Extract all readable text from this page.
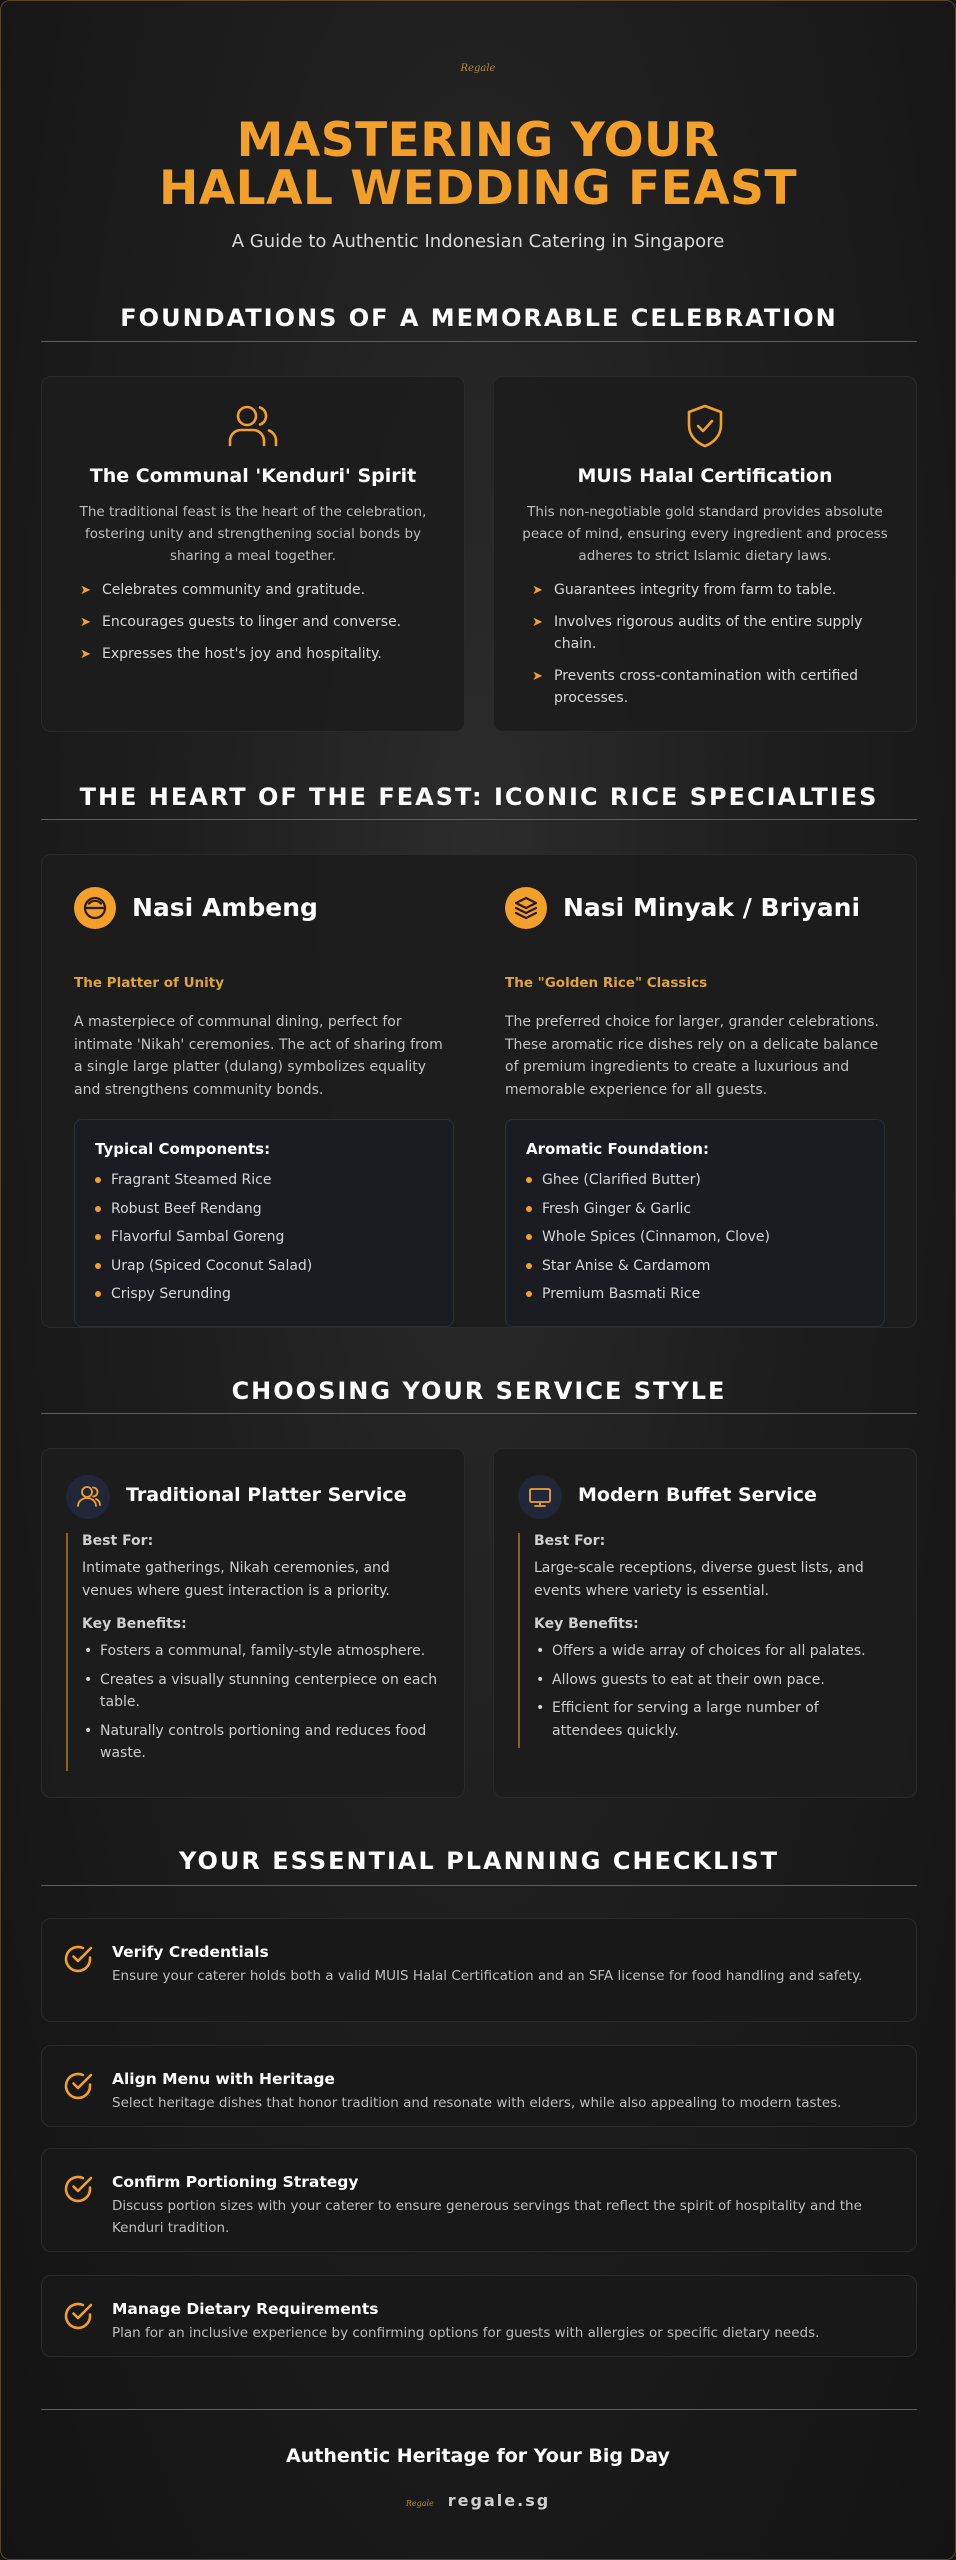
Regale
MASTERING YOUR HALAL WEDDING FEAST
A Guide to Authentic Indonesian Catering in Singapore
FOUNDATIONS OF A MEMORABLE CELEBRATION
The Communal 'Kenduri' Spirit
The traditional feast is the heart of the celebration, fostering unity and strengthening social bonds by sharing a meal together.
➤ Celebrates community and gratitude.
➤ Encourages guests to linger and converse.
➤ Expresses the host's joy and hospitality.
MUIS Halal Certification
This non-negotiable gold standard provides absolute peace of mind, ensuring every ingredient and process adheres to strict Islamic dietary laws.
➤ Guarantees integrity from farm to table.
➤ Involves rigorous audits of the entire supply chain.
➤ Prevents cross-contamination with certified processes.
THE HEART OF THE FEAST: ICONIC RICE SPECIALTIES
Nasi Ambeng
The Platter of Unity
A masterpiece of communal dining, perfect for intimate 'Nikah' ceremonies. The act of sharing from a single large platter (dulang) symbolizes equality and strengthens community bonds.
Typical Components:
Fragrant Steamed Rice
Robust Beef Rendang
Flavorful Sambal Goreng
Urap (Spiced Coconut Salad)
Crispy Serunding
Nasi Minyak / Briyani
The "Golden Rice" Classics
The preferred choice for larger, grander celebrations. These aromatic rice dishes rely on a delicate balance of premium ingredients to create a luxurious and memorable experience for all guests.
Aromatic Foundation:
Ghee (Clarified Butter)
Fresh Ginger & Garlic
Whole Spices (Cinnamon, Clove)
Star Anise & Cardamom
Premium Basmati Rice
CHOOSING YOUR SERVICE STYLE
Traditional Platter Service
Best For:
Intimate gatherings, Nikah ceremonies, and venues where guest interaction is a priority.
Key Benefits:
• Fosters a communal, family-style atmosphere.
• Creates a visually stunning centerpiece on each table.
• Naturally controls portioning and reduces food waste.
Modern Buffet Service
Best For:
Large-scale receptions, diverse guest lists, and events where variety is essential.
Key Benefits:
• Offers a wide array of choices for all palates.
• Allows guests to eat at their own pace.
• Efficient for serving a large number of attendees quickly.
YOUR ESSENTIAL PLANNING CHECKLIST
Verify Credentials
Ensure your caterer holds both a valid MUIS Halal Certification and an SFA license for food handling and safety.
Align Menu with Heritage
Select heritage dishes that honor tradition and resonate with elders, while also appealing to modern tastes.
Confirm Portioning Strategy
Discuss portion sizes with your caterer to ensure generous servings that reflect the spirit of hospitality and the Kenduri tradition.
Manage Dietary Requirements
Plan for an inclusive experience by confirming options for guests with allergies or specific dietary needs.
Authentic Heritage for Your Big Day
Regale regale.sg
